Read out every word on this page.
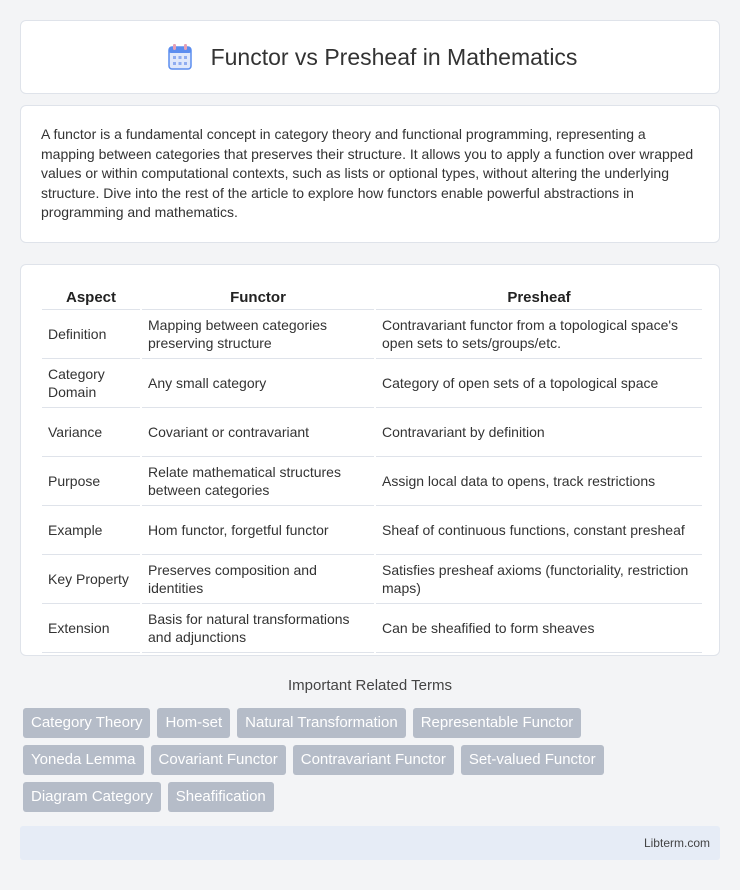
Functor vs Presheaf in Mathematics

A functor is a fundamental concept in category theory and functional programming, representing a mapping between categories that preserves their structure. It allows you to apply a function over wrapped values or within computational contexts, such as lists or optional types, without altering the underlying structure. Dive into the rest of the article to explore how functors enable powerful abstractions in programming and mathematics.

Aspect	Functor	Presheaf
Definition	Mapping between categories preserving structure	Contravariant functor from a topological space's open sets to sets/groups/etc.
Category Domain	Any small category	Category of open sets of a topological space
Variance	Covariant or contravariant	Contravariant by definition
Purpose	Relate mathematical structures between categories	Assign local data to opens, track restrictions
Example	Hom functor, forgetful functor	Sheaf of continuous functions, constant presheaf
Key Property	Preserves composition and identities	Satisfies presheaf axioms (functoriality, restriction maps)
Extension	Basis for natural transformations and adjunctions	Can be sheafified to form sheaves
Important Related Terms
Category Theory	Hom-set	Natural Transformation	Representable Functor
Yoneda Lemma	Covariant Functor	Contravariant Functor	Set-valued Functor
Diagram Category	Sheafification
Libterm.com
